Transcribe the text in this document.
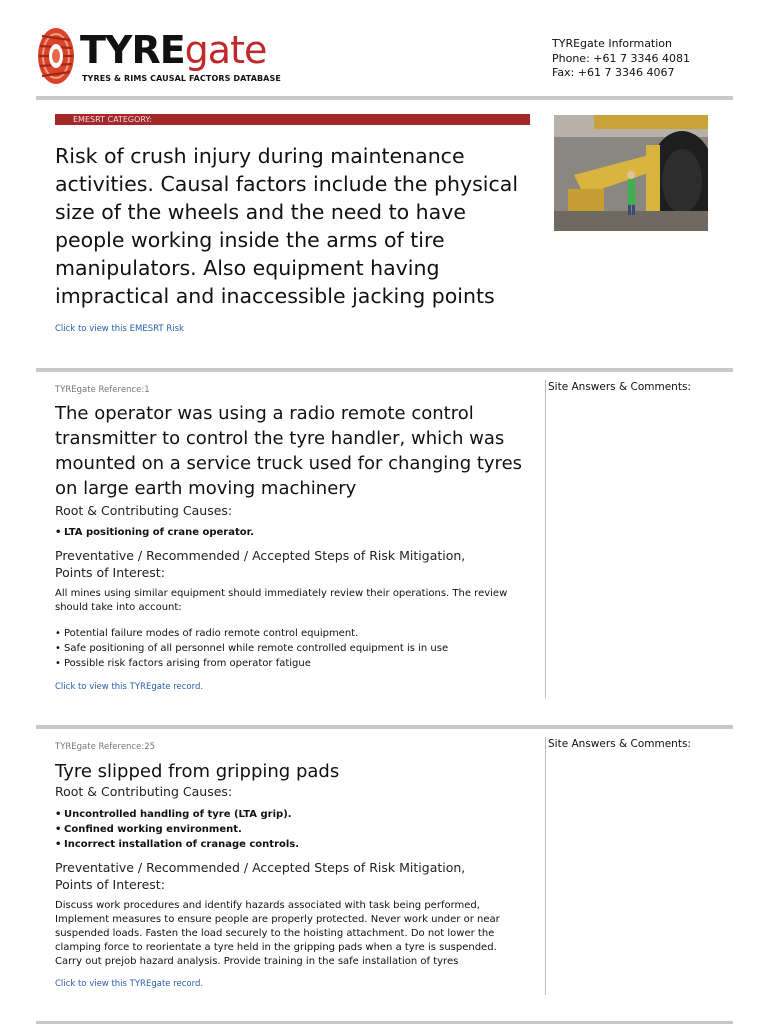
TYREgate
TYRES & RIMS CAUSAL FACTORS DATABASE
TYREgate Information
Phone: +61 7 3346 4081
Fax: +61 7 3346 4067
EMESRT CATEGORY:
Risk of crush injury during maintenance activities. Causal factors include the physical size of the wheels and the need to have people working inside the arms of tire manipulators. Also equipment having impractical and inaccessible jacking points
Click to view this EMESRT Risk
TYREgate Reference:1
The operator was using a radio remote control transmitter to control the tyre handler, which was mounted on a service truck used for changing tyres on large earth moving machinery
Root & Contributing Causes:
• LTA positioning of crane operator.
Preventative / Recommended / Accepted Steps of Risk Mitigation,
Points of Interest:
All mines using similar equipment should immediately review their operations. The review should take into account:
• Potential failure modes of radio remote control equipment.
• Safe positioning of all personnel while remote controlled equipment is in use
• Possible risk factors arising from operator fatigue
Click to view this TYREgate record.
Site Answers & Comments:
TYREgate Reference:25
Tyre slipped from gripping pads
Root & Contributing Causes:
• Uncontrolled handling of tyre (LTA grip).
• Confined working environment.
• Incorrect installation of cranage controls.
Preventative / Recommended / Accepted Steps of Risk Mitigation,
Points of Interest:
Discuss work procedures and identify hazards associated with task being performed, Implement measures to ensure people are properly protected. Never work under or near suspended loads. Fasten the load securely to the hoisting attachment. Do not lower the clamping force to reorientate a tyre held in the gripping pads when a tyre is suspended. Carry out prejob hazard analysis. Provide training in the safe installation of tyres
Click to view this TYREgate record.
Site Answers & Comments:
